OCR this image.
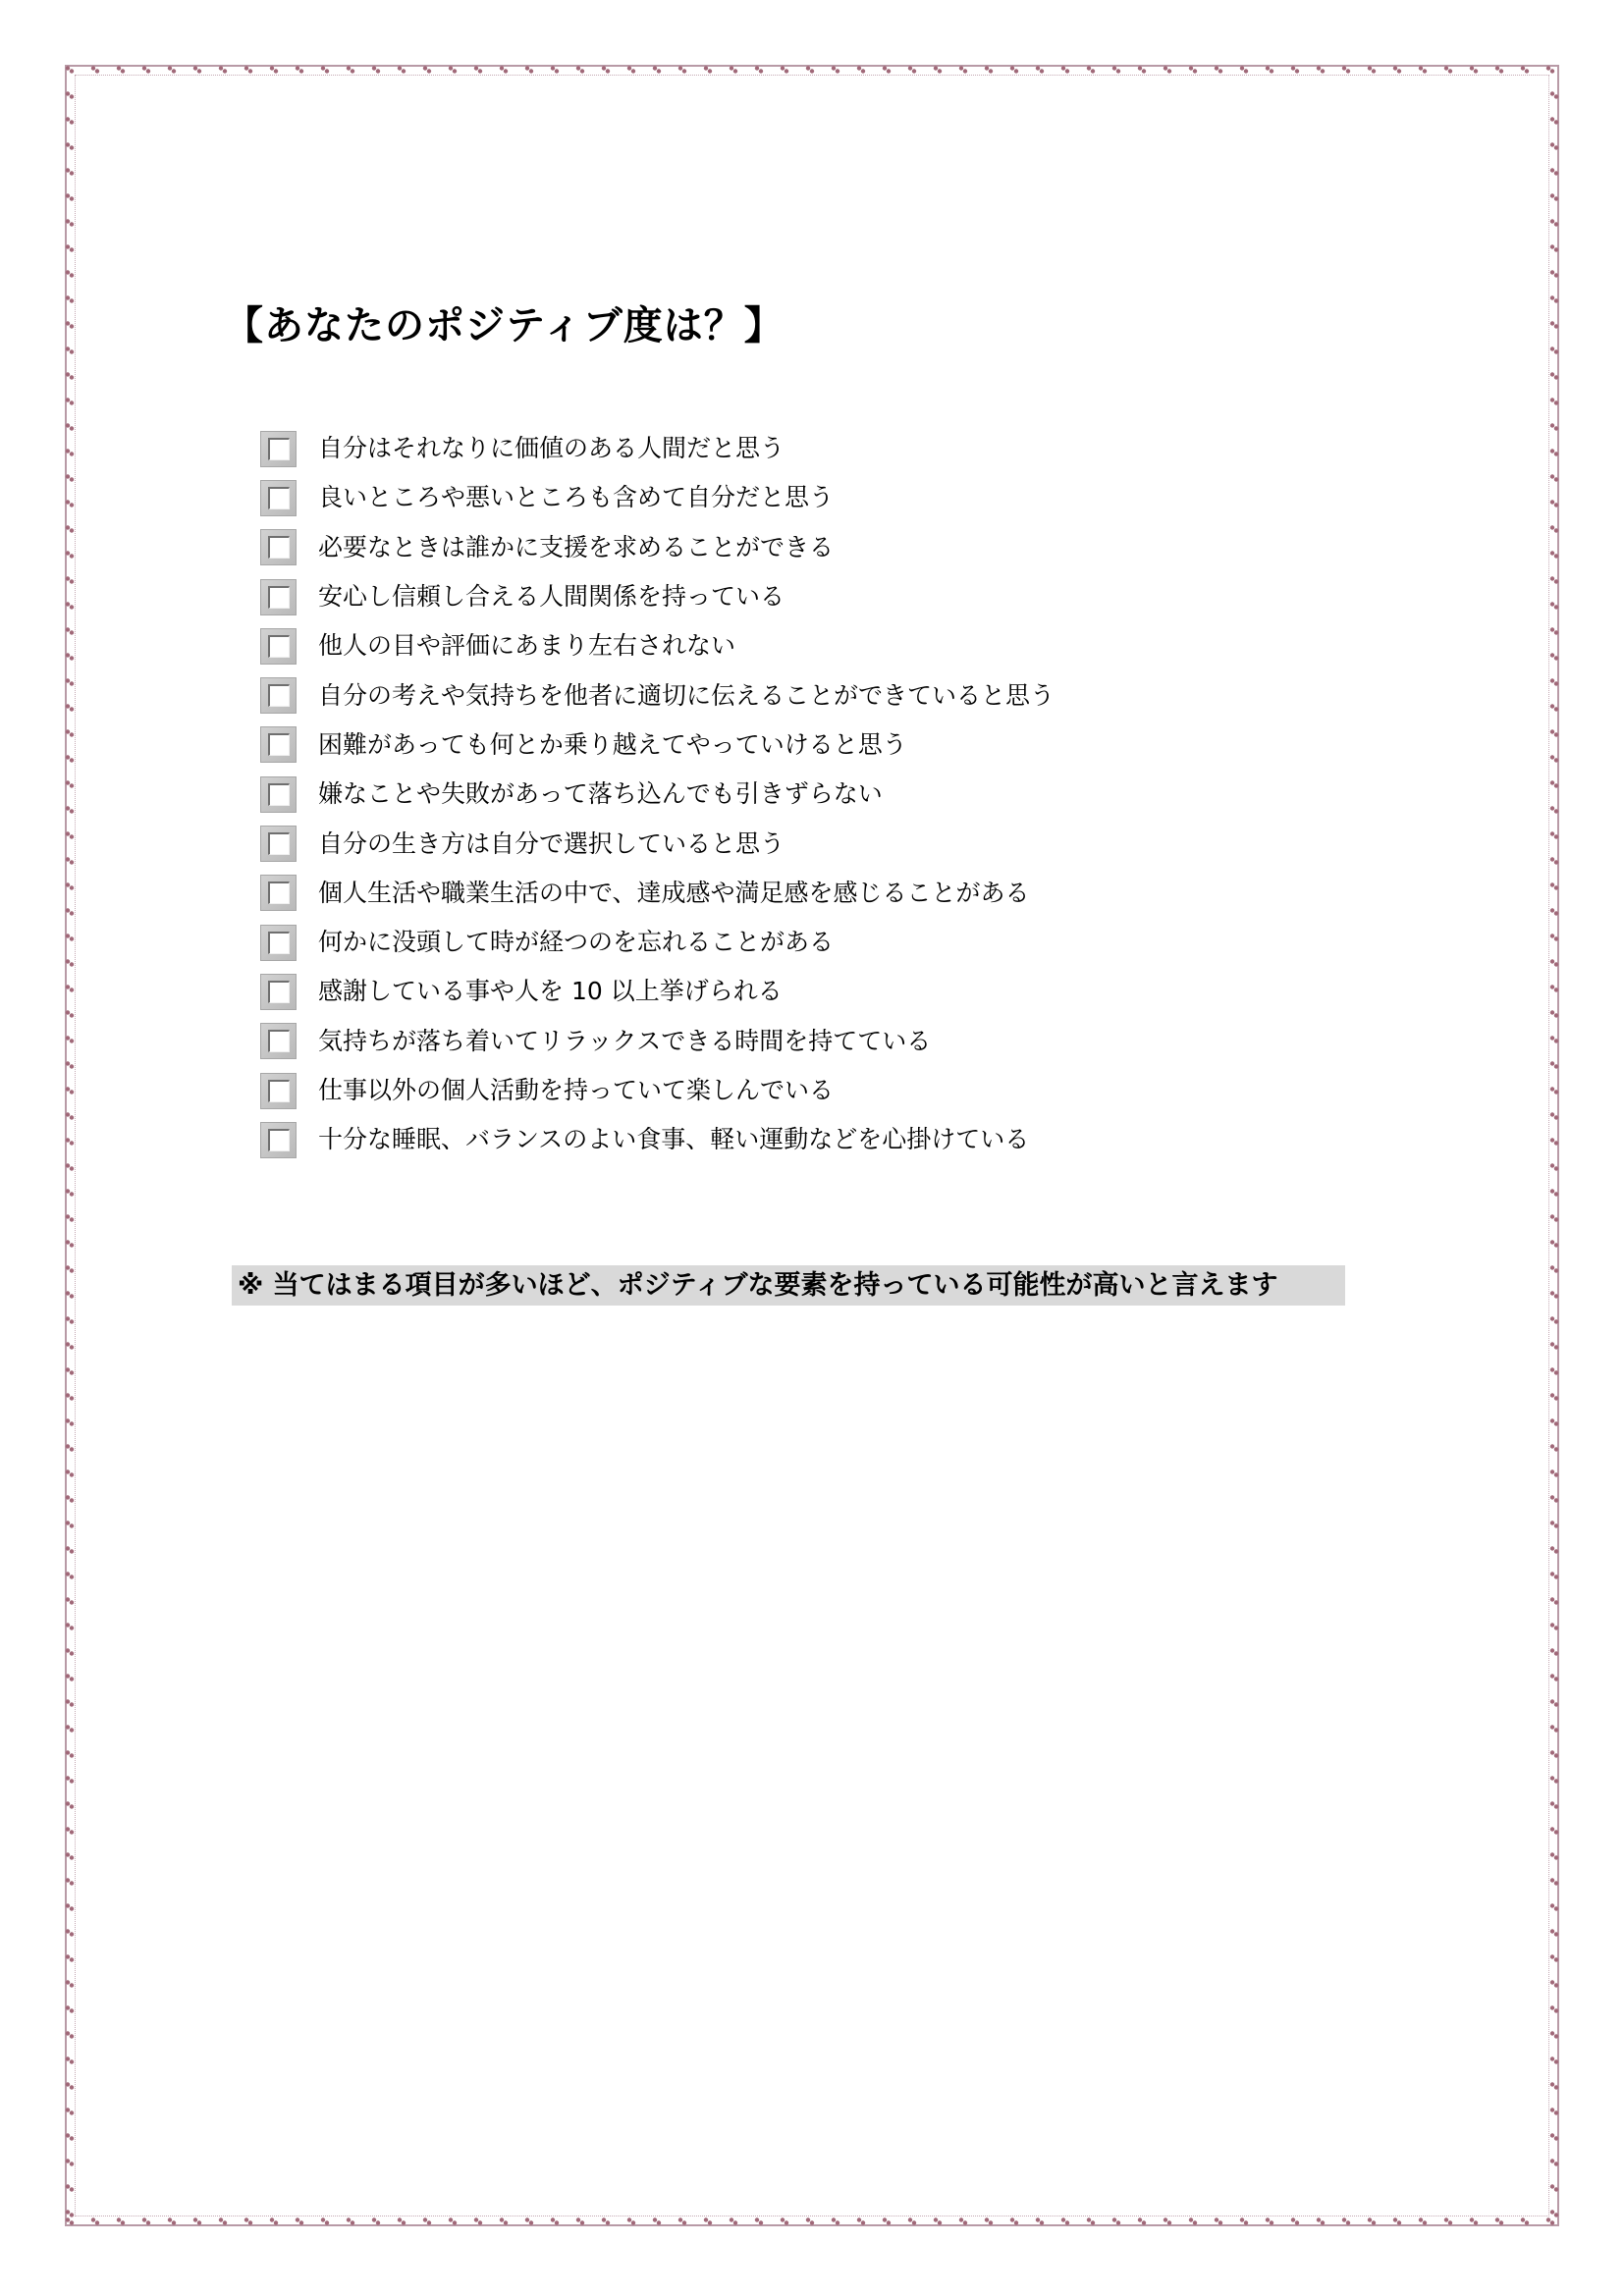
【あなたのポジティブ度は？】
自分はそれなりに価値のある人間だと思う
良いところや悪いところも含めて自分だと思う
必要なときは誰かに支援を求めることができる
安心し信頼し合える人間関係を持っている
他人の目や評価にあまり左右されない
自分の考えや気持ちを他者に適切に伝えることができていると思う
困難があっても何とか乗り越えてやっていけると思う
嫌なことや失敗があって落ち込んでも引きずらない
自分の生き方は自分で選択していると思う
個人生活や職業生活の中で、達成感や満足感を感じることがある
何かに没頭して時が経つのを忘れることがある
感謝している事や人を 10 以上挙げられる
気持ちが落ち着いてリラックスできる時間を持てている
仕事以外の個人活動を持っていて楽しんでいる
十分な睡眠、バランスのよい食事、軽い運動などを心掛けている
※ 当てはまる項目が多いほど、ポジティブな要素を持っている可能性が高いと言えます
